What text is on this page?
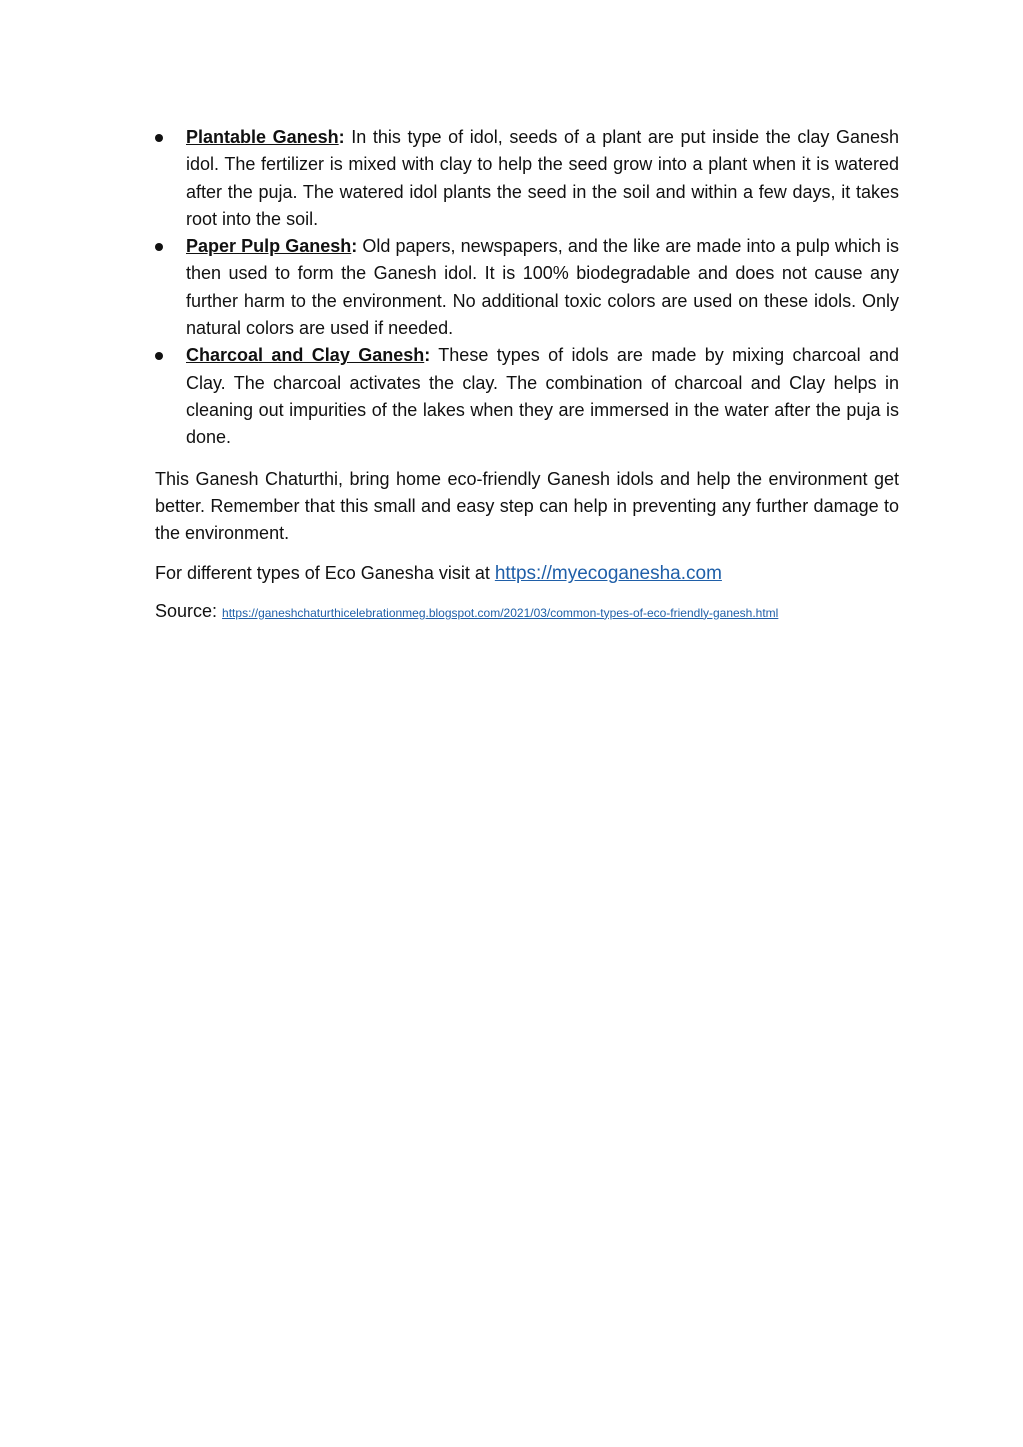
Plantable Ganesh: In this type of idol, seeds of a plant are put inside the clay Ganesh idol. The fertilizer is mixed with clay to help the seed grow into a plant when it is watered after the puja. The watered idol plants the seed in the soil and within a few days, it takes root into the soil.
Paper Pulp Ganesh: Old papers, newspapers, and the like are made into a pulp which is then used to form the Ganesh idol. It is 100% biodegradable and does not cause any further harm to the environment. No additional toxic colors are used on these idols. Only natural colors are used if needed.
Charcoal and Clay Ganesh: These types of idols are made by mixing charcoal and Clay. The charcoal activates the clay. The combination of charcoal and Clay helps in cleaning out impurities of the lakes when they are immersed in the water after the puja is done.

This Ganesh Chaturthi, bring home eco-friendly Ganesh idols and help the environment get better. Remember that this small and easy step can help in preventing any further damage to the environment.

For different types of Eco Ganesha visit at https://myecoganesha.com

Source: https://ganeshchaturthicelebrationmeg.blogspot.com/2021/03/common-types-of-eco-friendly-ganesh.html
